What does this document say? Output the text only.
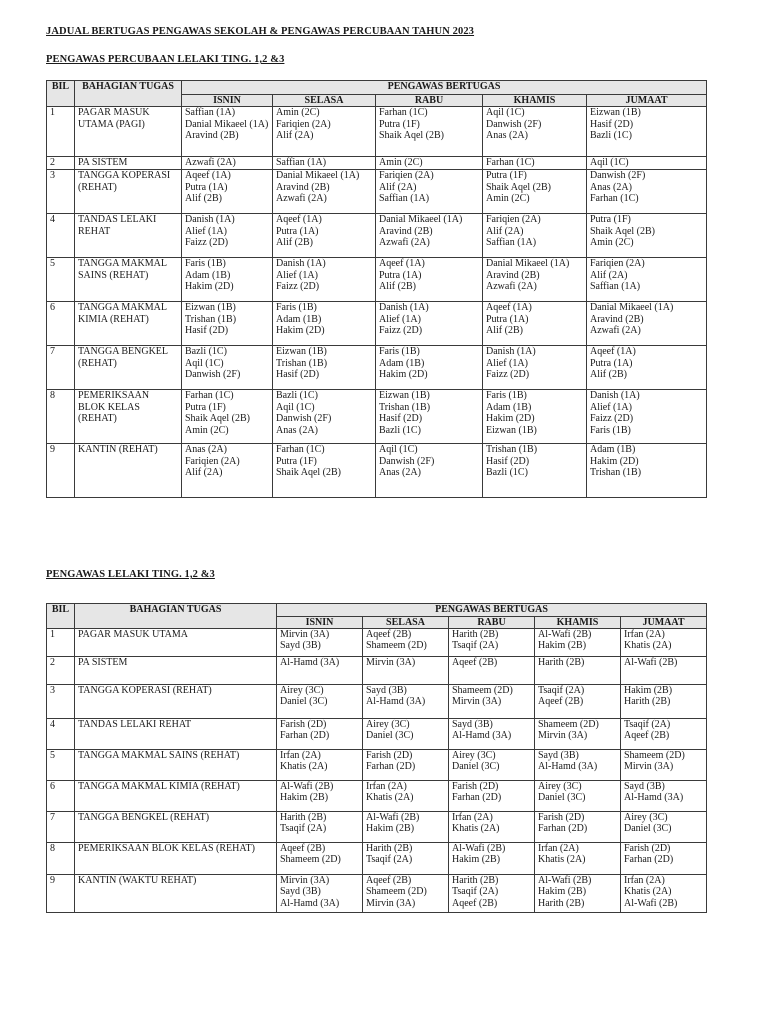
JADUAL BERTUGAS PENGAWAS SEKOLAH & PENGAWAS PERCUBAAN TAHUN 2023
PENGAWAS PERCUBAAN LELAKI TING. 1,2 &3
BIL	BAHAGIAN TUGAS	PENGAWAS BERTUGAS				
		ISNIN	SELASA	RABU	KHAMIS	JUMAAT
1	PAGAR MASUK UTAMA (PAGI)	Saffian (1A)
Danial Mikaeel (1A)
Aravind (2B)	Amin (2C)
Fariqien (2A)
Alif (2A)	Farhan (1C)
Putra (1F)
Shaik Aqel (2B)	Aqil (1C)
Danwish (2F)
Anas (2A)	Eizwan (1B)
Hasif (2D)
Bazli (1C)

2	PA SISTEM	Azwafi (2A)	Saffian (1A)	Amin (2C)	Farhan (1C)	Aqil (1C)

3	TANGGA KOPERASI (REHAT)	Aqeef (1A)
Putra (1A)
Alif (2B)	Danial Mikaeel (1A)
Aravind (2B)
Azwafi (2A)	Fariqien (2A)
Alif (2A)
Saffian (1A)	Putra (1F)
Shaik Aqel (2B)
Amin (2C)	Danwish (2F)
Anas (2A)
Farhan (1C)

4	TANDAS LELAKI REHAT	Danish (1A)
Alief (1A)
Faizz (2D)	Aqeef (1A)
Putra (1A)
Alif (2B)	Danial Mikaeel (1A)
Aravind (2B)
Azwafi (2A)	Fariqien (2A)
Alif (2A)
Saffian (1A)	Putra (1F)
Shaik Aqel (2B)
Amin (2C)

5	TANGGA MAKMAL SAINS (REHAT)	Faris (1B)
Adam (1B)
Hakim (2D)	Danish (1A)
Alief (1A)
Faizz (2D)	Aqeef (1A)
Putra (1A)
Alif (2B)	Danial Mikaeel (1A)
Aravind (2B)
Azwafi (2A)	Fariqien (2A)
Alif (2A)
Saffian (1A)

6	TANGGA MAKMAL KIMIA (REHAT)	Eizwan (1B)
Trishan (1B)
Hasif (2D)	Faris (1B)
Adam (1B)
Hakim (2D)	Danish (1A)
Alief (1A)
Faizz (2D)	Aqeef (1A)
Putra (1A)
Alif (2B)	Danial Mikaeel (1A)
Aravind (2B)
Azwafi (2A)

7	TANGGA BENGKEL (REHAT)	Bazli (1C)
Aqil (1C)
Danwish (2F)	Eizwan (1B)
Trishan (1B)
Hasif (2D)	Faris (1B)
Adam (1B)
Hakim (2D)	Danish (1A)
Alief (1A)
Faizz (2D)	Aqeef (1A)
Putra (1A)
Alif (2B)

8	PEMERIKSAAN BLOK KELAS (REHAT)	Farhan (1C)
Putra (1F)
Shaik Aqel (2B)
Amin (2C)	Bazli (1C)
Aqil (1C)
Danwish (2F)
Anas (2A)	Eizwan (1B)
Trishan (1B)
Hasif (2D)
Bazli (1C)	Faris (1B)
Adam (1B)
Hakim (2D)
Eizwan (1B)	Danish (1A)
Alief (1A)
Faizz (2D)
Faris (1B)

9	KANTIN (REHAT)	Anas (2A)
Fariqien (2A)
Alif (2A)	Farhan (1C)
Putra (1F)
Shaik Aqel (2B)	Aqil (1C)
Danwish (2F)
Anas (2A)	Trishan (1B)
Hasif (2D)
Bazli (1C)	Adam (1B)
Hakim (2D)
Trishan (1B)
PENGAWAS LELAKI TING. 1,2 &3
BIL	BAHAGIAN TUGAS	PENGAWAS BERTUGAS				
		ISNIN	SELASA	RABU	KHAMIS	JUMAAT
1	PAGAR MASUK UTAMA	Mirvin (3A)
Sayd (3B)	Aqeef (2B)
Shameem (2D)	Harith (2B)
Tsaqif (2A)	Al-Wafi (2B)
Hakim (2B)	Irfan (2A)
Khatis (2A)

2	PA SISTEM	Al-Hamd (3A)	Mirvin (3A)	Aqeef (2B)	Harith (2B)	Al-Wafi (2B)

3	TANGGA KOPERASI (REHAT)	Airey (3C)
Daniel (3C)	Sayd (3B)
Al-Hamd (3A)	Shameem (2D)
Mirvin (3A)	Tsaqif (2A)
Aqeef (2B)	Hakim (2B)
Harith (2B)

4	TANDAS LELAKI REHAT	Farish (2D)
Farhan (2D)	Airey (3C)
Daniel (3C)	Sayd (3B)
Al-Hamd (3A)	Shameem (2D)
Mirvin (3A)	Tsaqif (2A)
Aqeef (2B)

5	TANGGA MAKMAL SAINS (REHAT)	Irfan (2A)
Khatis (2A)	Farish (2D)
Farhan (2D)	Airey (3C)
Daniel (3C)	Sayd (3B)
Al-Hamd (3A)	Shameem (2D)
Mirvin (3A)

6	TANGGA MAKMAL KIMIA (REHAT)	Al-Wafi (2B)
Hakim (2B)	Irfan (2A)
Khatis (2A)	Farish (2D)
Farhan (2D)	Airey (3C)
Daniel (3C)	Sayd (3B)
Al-Hamd (3A)

7	TANGGA BENGKEL (REHAT)	Harith (2B)
Tsaqif (2A)	Al-Wafi (2B)
Hakim (2B)	Irfan (2A)
Khatis (2A)	Farish (2D)
Farhan (2D)	Airey (3C)
Daniel (3C)

8	PEMERIKSAAN BLOK KELAS (REHAT)	Aqeef (2B)
Shameem (2D)	Harith (2B)
Tsaqif (2A)	Al-Wafi (2B)
Hakim (2B)	Irfan (2A)
Khatis (2A)	Farish (2D)
Farhan (2D)

9	KANTIN (WAKTU REHAT)	Mirvin (3A)
Sayd (3B)
Al-Hamd (3A)	Aqeef (2B)
Shameem (2D)
Mirvin (3A)	Harith (2B)
Tsaqif (2A)
Aqeef (2B)	Al-Wafi (2B)
Hakim (2B)
Harith (2B)	Irfan (2A)
Khatis (2A)
Al-Wafi (2B)
